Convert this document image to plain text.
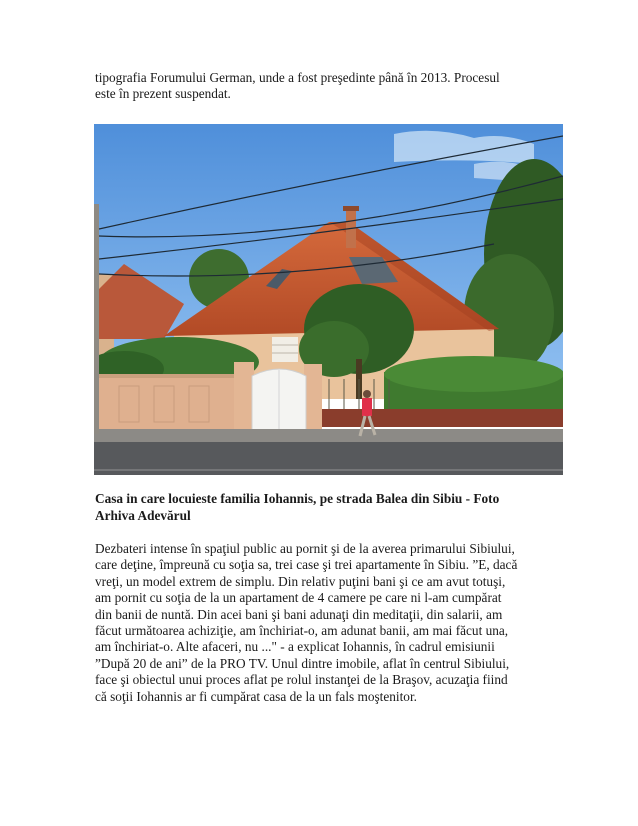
tipografia Forumului German, unde a fost preşedinte până în 2013. Procesul
este în prezent suspendat.

Casa in care locuieste familia Iohannis, pe strada Balea din Sibiu - Foto
Arhiva Adevărul

Dezbateri intense în spaţiul public au pornit şi de la averea primarului Sibiului,
care deţine, împreună cu soţia sa, trei case şi trei apartamente în Sibiu. ”E, dacă
vreţi, un model extrem de simplu. Din relativ puţini bani şi ce am avut totuşi,
am pornit cu soţia de la un apartament de 4 camere pe care ni l-am cumpărat
din banii de nuntă. Din acei bani şi bani adunaţi din meditaţii, din salarii, am
făcut următoarea achiziţie, am închiriat-o, am adunat banii, am mai făcut una,
am închiriat-o. Alte afaceri, nu ..." - a explicat Iohannis, în cadrul emisiunii
”După 20 de ani” de la PRO TV. Unul dintre imobile, aflat în centrul Sibiului,
face şi obiectul unui proces aflat pe rolul instanţei de la Braşov, acuzaţia fiind
că soţii Iohannis ar fi cumpărat casa de la un fals moştenitor.
